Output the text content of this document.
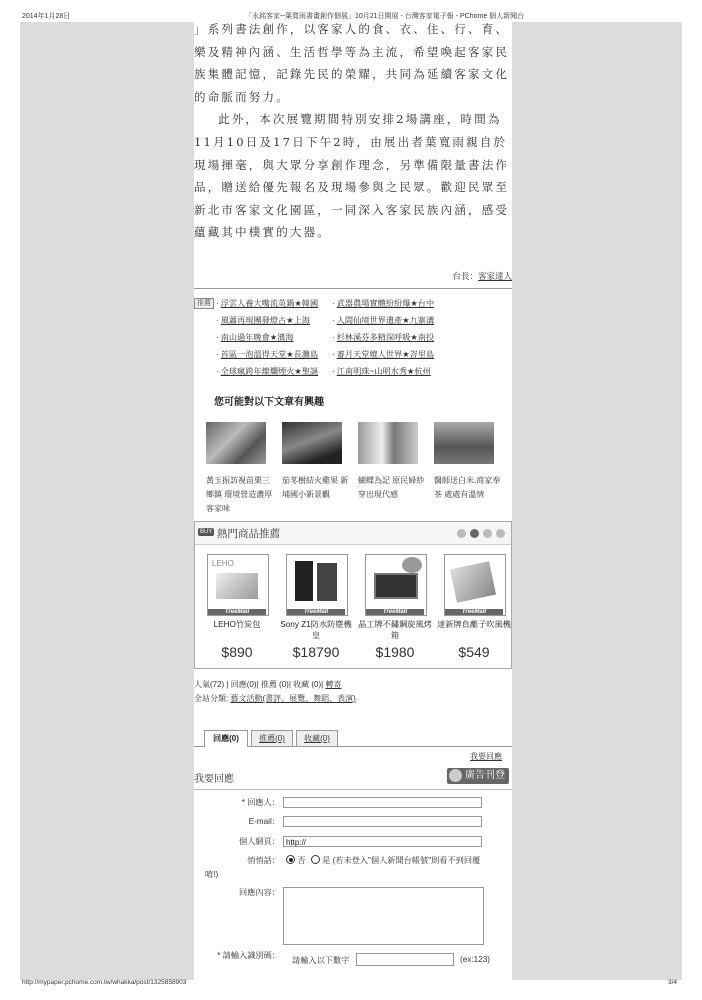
2014年1月28日	「永銘客家─葉寬雨書畫創作個展」10月21日開展 - 台灣客家電子報 - PChome 個人新聞台

」系列書法創作，以客家人的食、衣、住、行、育、樂及精神內涵、生活哲學等為主流，希望喚起客家民族集體記憶，記錄先民的榮耀，共同為延續客家文化的命脈而努力。

此外，本次展覽期間特別安排2場講座，時間為11月10日及17日下午2時，由展出者葉寬雨親自於現場揮毫，與大眾分享創作理念，另準備限量書法作品，贈送給優先報名及現場參與之民眾。歡迎民眾至新北市客家文化園區，一同深入客家民族內涵，感受蘊藏其中樸實的大器。

台長：客家達人
推薦	· 浮雲人養大嘴流英鍋★韓國	· 武器農場實體紛紛爆★台中
· 風蕭再現團發燈古★上海	· 人間仙境世界遺產★九寨溝
· 南山過年晚會★濱海	· 杉林溪芬多精深呼吸★南投
· 首區一泡溫得天堂★長灘島	· 審月天堂媲人世界★峇里島
· 全球瘋跨年燦爛煙火★聖誕	· 江南明珠~山明水秀★杭州
您可能對以下文章有興趣
黃玉振訪視苗栗三鄉鎮 環境營造濃厚客家味
茄苳樹結火雞果 新埔國小新景觀
蝴蝶為記 原民婦紗穿出現代感
醫師送白米.商家奉茶 處處有溫情
BUY 熱門商品推薦
LEHO
TreeMall
LEHO竹炭包
$890
TreeMall
Sony Z1防水防塵機皇
$18790
TreeMall
晶工牌不鏽鋼旋風烤箱
$1980
TreeMall
達新牌負離子吹風機
$549
人氣(72) | 回應(0)| 推薦 (0)| 收藏 (0)| 轉寄
全站分類: 藝文活動(書評、展覽、舞蹈、表演)
回應(0)	推薦(0)	收藏(0)
我要回應
我要回應	廣告刊登
* 回應人：
E-mail：
個人網頁： http://
悄悄話：	否 是 (若未登入"個人新聞台帳號"則看不到回覆
唷!)
回應內容：
* 請輸入識別碼：
請輸入以下數字	(ex:123)
http://mypaper.pchome.com.tw/whakka/post/1325858903	3/4
